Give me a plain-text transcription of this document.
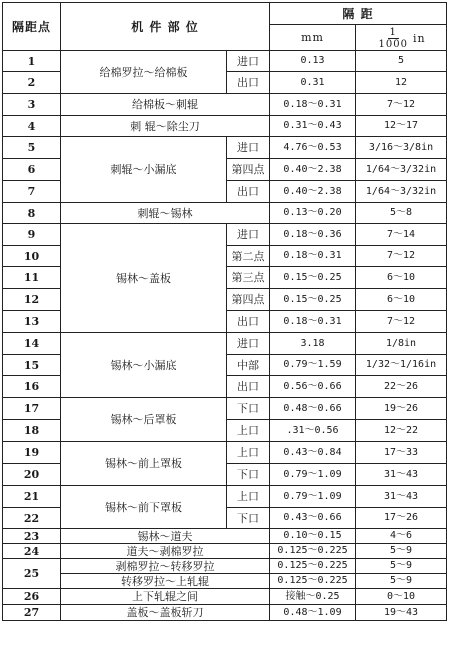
隔距点	机 件 部 位		隔 距	
			mm	$\frac{1}{1000}$ in

1	给棉罗拉～给棉板	进口	0.13	5
2		出口	0.31	12
3	给棉板～刺辊		0.18～0.31	7～12
4	刺 辊～除尘刀		0.31～0.43	12～17
5	刺辊～小漏底	进口	4.76～0.53	3/16～3/8in
6		第四点	0.40～2.38	1/64～3/32in
7		出口	0.40～2.38	1/64～3/32in
8	刺辊～锡林		0.13～0.20	5～8
9	锡林～盖板	进口	0.18～0.36	7～14
10		第二点	0.18～0.31	7～12
11		第三点	0.15～0.25	6～10
12		第四点	0.15～0.25	6～10
13		出口	0.18～0.31	7～12
14	锡林～小漏底	进口	3.18	1/8in
15		中部	0.79～1.59	1/32～1/16in
16		出口	0.56～0.66	22～26
17	锡林～后罩板	下口	0.48～0.66	19～26
18		上口	.31～0.56	12～22
19	锡林～前上罩板	上口	0.43～0.84	17～33
20		下口	0.79～1.09	31～43
21	锡林～前下罩板	上口	0.79～1.09	31～43
22		下口	0.43～0.66	17～26
23	锡林～道夫		0.10～0.15	4～6
24	道夫～剥棉罗拉		0.125～0.225	5～9
25	剥棉罗拉～转移罗拉		0.125～0.225	5～9
	转移罗拉～上轧辊		0.125～0.225	5～9
26	上下轧辊之间		接触～0.25	0～10
27	盖板～盖板斩刀		0.48～1.09	19～43
